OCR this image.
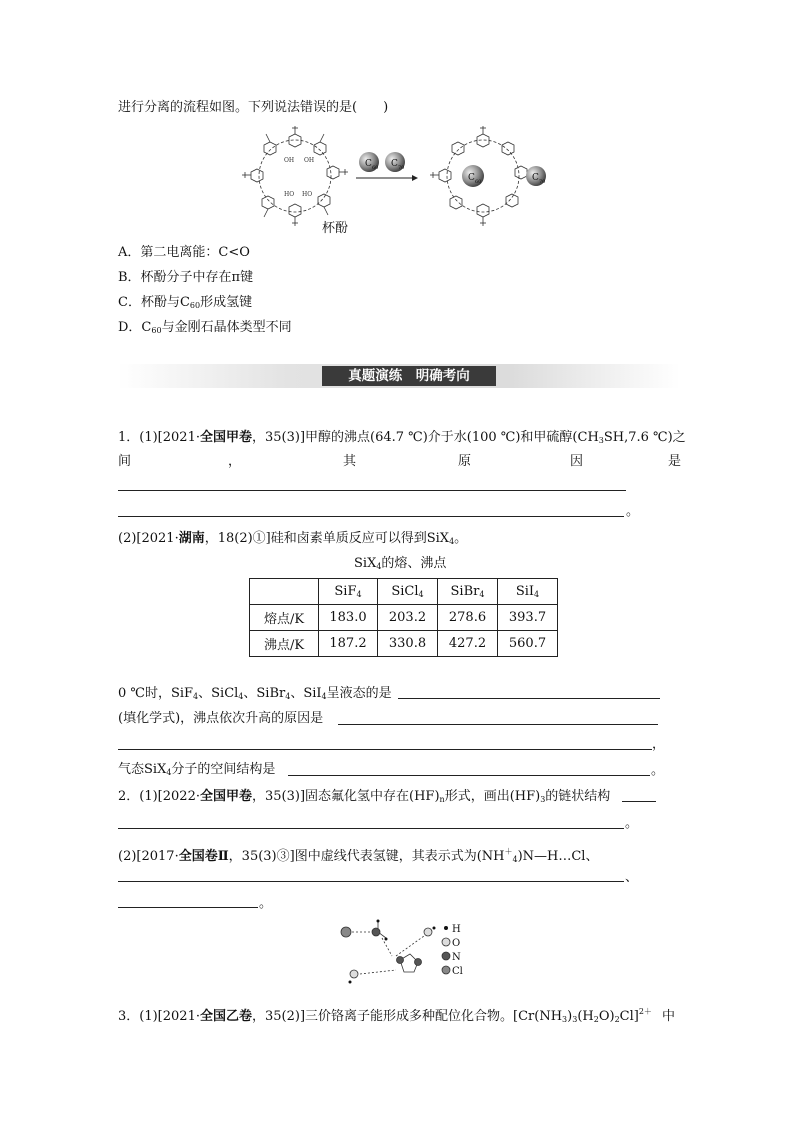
进行分离的流程如图。下列说法错误的是(　　)
OH OH
HO HO
杯酚
C 60 C 70
C 60	C 70
A．第二电离能：C<O
B．杯酚分子中存在π键
C．杯酚与$C_{60}$形成氢键
D．$C_{60}$与金刚石晶体类型不同
真题演练　明确考向
1．(1)[2021·全国甲卷，35(3)]甲醇的沸点(64.7 ℃)介于水(100 ℃)和甲硫醇($CH_3SH,7.6$ ℃)之
间	，	其	原	因	是
。
(2)[2021·湖南，18(2)①]硅和卤素单质反应可以得到SiX$_4$。
SiX$_4$的熔、沸点
	SiF$_4$	SiCl$_4$	SiBr$_4$	SiI$_4$
熔点/K	183.0	203.2	278.6	393.7
沸点/K	187.2	330.8	427.2	560.7
0 ℃时，SiF$_4$、SiCl$_4$、SiBr$_4$、SiI$_4$呈液态的是
(填化学式)，沸点依次升高的原因是
，
气态SiX$_4$分子的空间结构是	。
2．(1)[2022·全国甲卷，35(3)]固态氟化氢中存在$(HF)_n$形式，画出$(HF)_3$的链状结构
。
(2)[2017·全国卷Ⅱ，35(3)③]图中虚线代表氢键，其表示式为$(NH^+_4)N—H\dots Cl$、
、
。
H
O
N
Cl
3．(1)[2021·全国乙卷，35(2)]三价铬离子能形成多种配位化合物。$[Cr(NH_3)_3(H_2O)_2Cl]^{2+}$ 中
